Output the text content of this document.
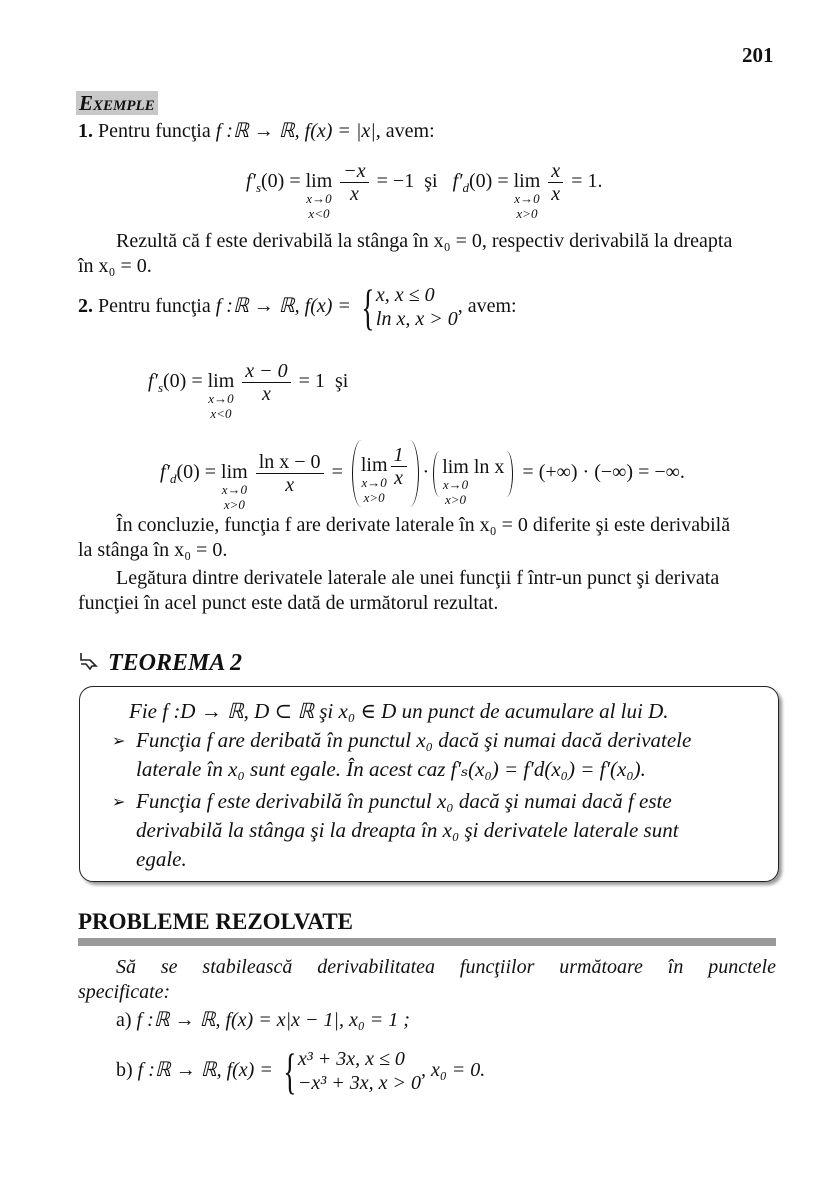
201
Exemple
1. Pentru funcţia f :ℝ → ℝ, f(x) = |x|, avem:
$f'_s(0) = \lim$
x→0
x<0

$\frac{-x}{x} = -1$ şi $f'_d(0) = \lim$
x→0
x>0

$\frac{x}{x} = 1$.
Rezultă că f este derivabilă la stânga în x₀ = 0, respectiv derivabilă la dreapta
în x₀ = 0.
2. Pentru funcţia f :ℝ → ℝ, f(x) = { x, x ≤ 0
ln x, x > 0
, avem:
$f'_s(0) = \lim$
x→0
x<0

$\frac{x - 0}{x} = 1$ şi
$f'_d(0) = \lim$
x→0
x>0

$\frac{\text{ln x − 0}}{x} = \lim$
x→0
x>0
$\frac{1}{x} \cdot \lim$
x→0
x>0
ln x = (+∞) · (−∞) = −∞.
În concluzie, funcţia f are derivate laterale în x₀ = 0 diferite şi este derivabilă
la stânga în x₀ = 0.
Legătura dintre derivatele laterale ale unei funcţii f într-un punct şi derivata
funcţiei în acel punct este dată de următorul rezultat.
TEOREMA 2
Fie f :D → ℝ, D ⊂ ℝ şi x₀ ∈ D un punct de acumulare al lui D.
➢ Funcţia f are deribată în punctul x₀ dacă şi numai dacă derivatele
laterale în x₀ sunt egale. În acest caz f′ₛ(x₀) = f′d(x₀) = f′(x₀).
➢ Funcţia f este derivabilă în punctul x₀ dacă şi numai dacă f este
derivabilă la stânga şi la dreapta în x₀ şi derivatele laterale sunt
egale.
PROBLEME REZOLVATE
Să se stabilească derivabilitatea funcţiilor următoare în punctele
specificate:
a) f :ℝ → ℝ, f(x) = x|x − 1|, x₀ = 1 ;
b) f :ℝ → ℝ, f(x) = { x³ + 3x, x ≤ 0
−x³ + 3x, x > 0
, x₀ = 0.
